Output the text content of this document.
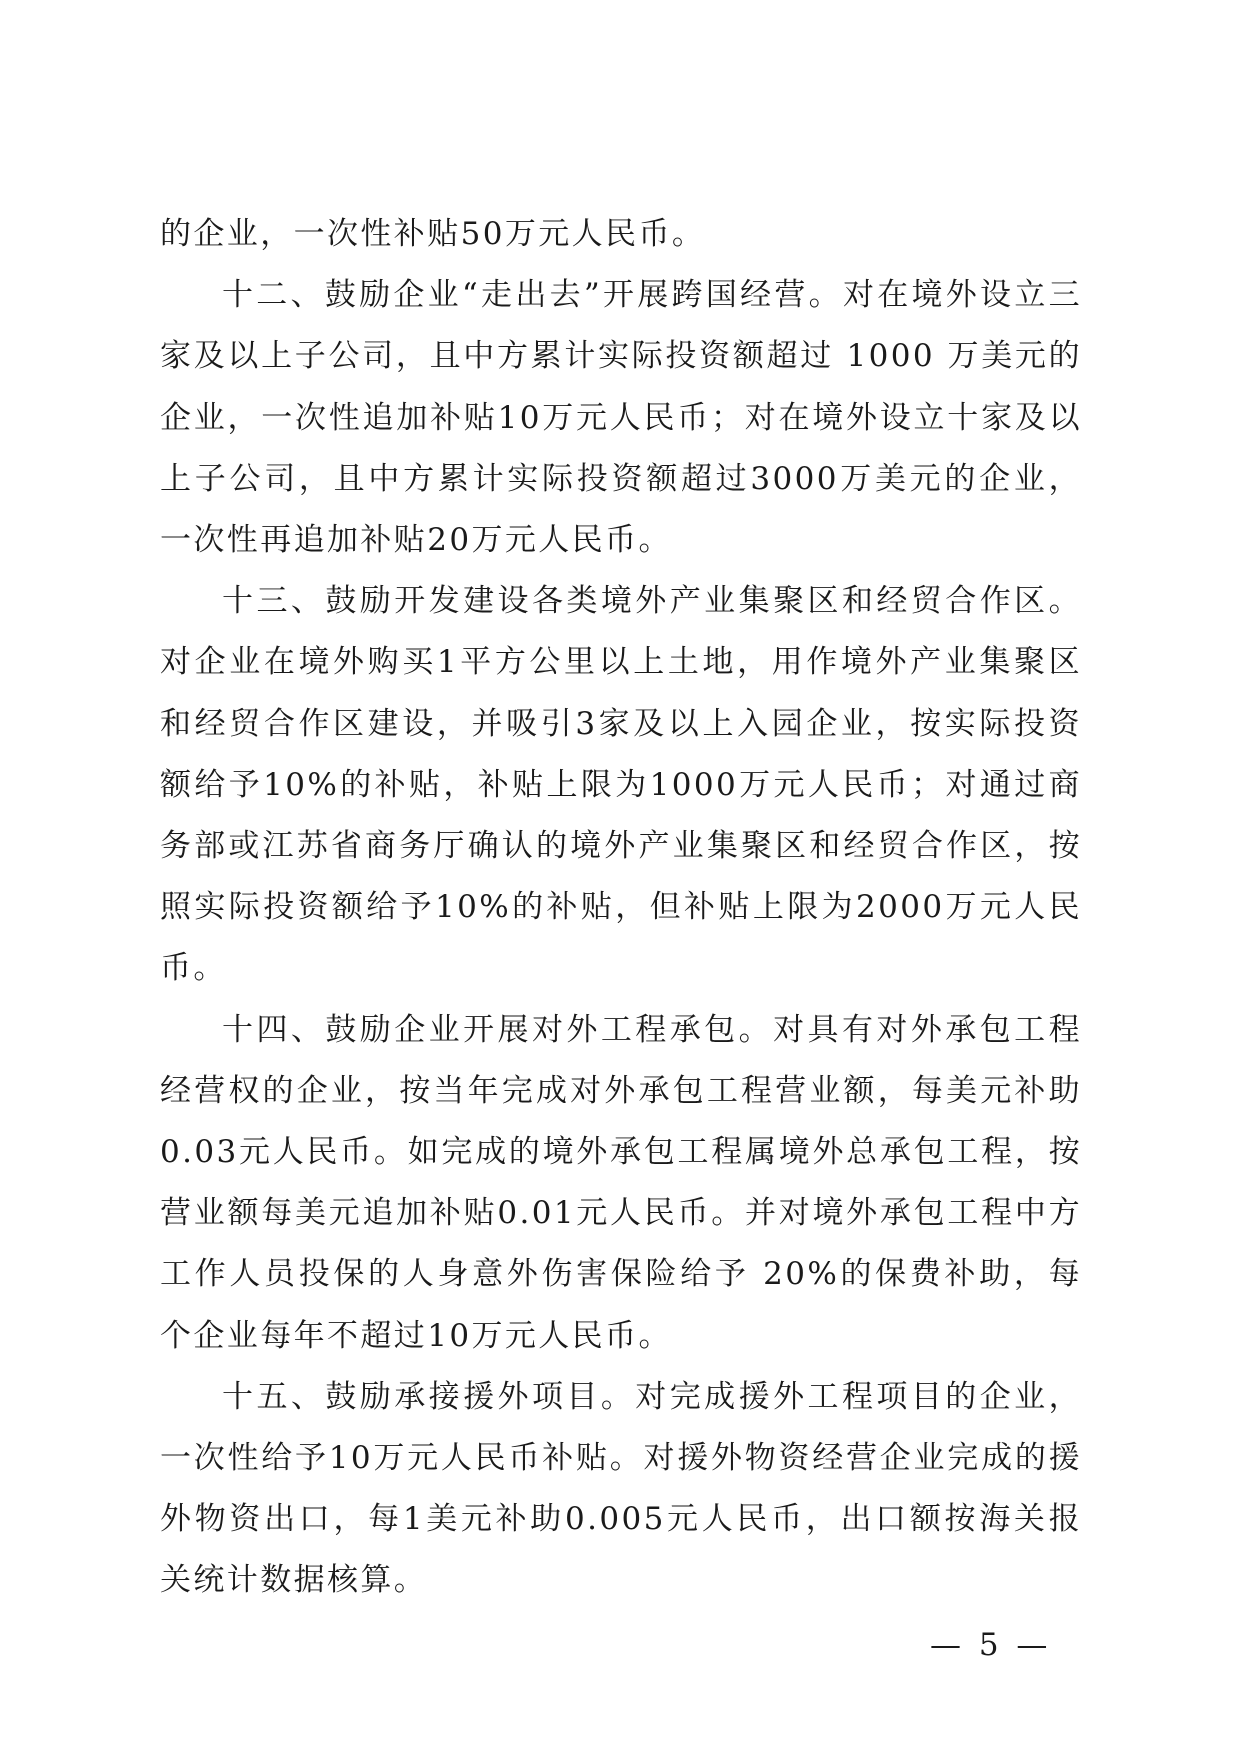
的企业，一次性补贴50万元人民币。

十二、鼓励企业“走出去”开展跨国经营。对在境外设立三家及以上子公司，且中方累计实际投资额超过 1000 万美元的企业，一次性追加补贴10万元人民币；对在境外设立十家及以上子公司，且中方累计实际投资额超过3000万美元的企业，一次性再追加补贴20万元人民币。

十三、鼓励开发建设各类境外产业集聚区和经贸合作区。对企业在境外购买1平方公里以上土地，用作境外产业集聚区和经贸合作区建设，并吸引3家及以上入园企业，按实际投资额给予10%的补贴，补贴上限为1000万元人民币；对通过商务部或江苏省商务厅确认的境外产业集聚区和经贸合作区，按照实际投资额给予10%的补贴，但补贴上限为2000万元人民币。

十四、鼓励企业开展对外工程承包。对具有对外承包工程经营权的企业，按当年完成对外承包工程营业额，每美元补助0.03元人民币。如完成的境外承包工程属境外总承包工程，按营业额每美元追加补贴0.01元人民币。并对境外承包工程中方工作人员投保的人身意外伤害保险给予 20%的保费补助，每个企业每年不超过10万元人民币。

十五、鼓励承接援外项目。对完成援外工程项目的企业，一次性给予10万元人民币补贴。对援外物资经营企业完成的援外物资出口，每1美元补助0.005元人民币，出口额按海关报关统计数据核算。

— 5 —
